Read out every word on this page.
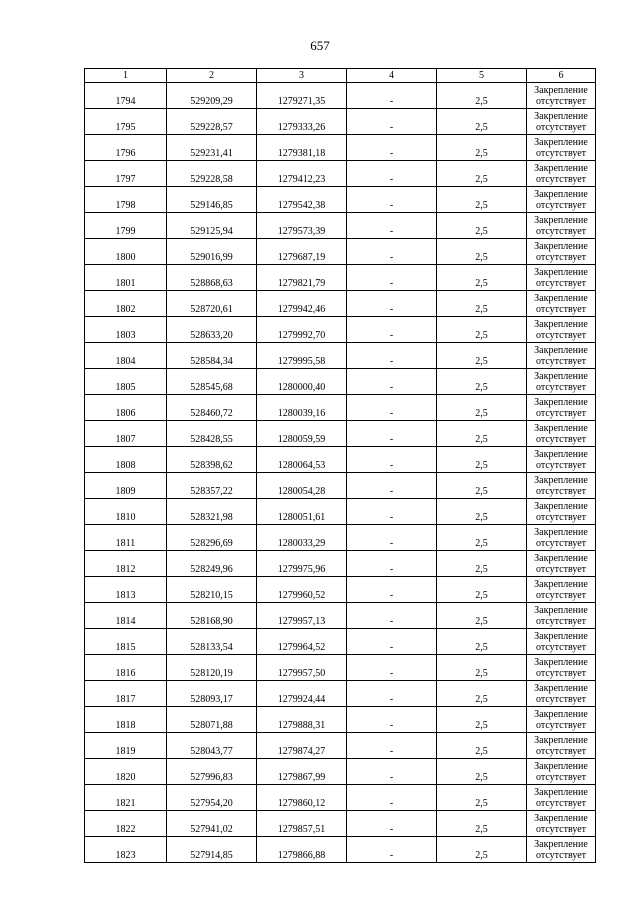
657
1	2	3	4	5	6
1794	529209,29	1279271,35	-	2,5	Закрепление отсутствует
1795	529228,57	1279333,26	-	2,5	Закрепление отсутствует
1796	529231,41	1279381,18	-	2,5	Закрепление отсутствует
1797	529228,58	1279412,23	-	2,5	Закрепление отсутствует
1798	529146,85	1279542,38	-	2,5	Закрепление отсутствует
1799	529125,94	1279573,39	-	2,5	Закрепление отсутствует
1800	529016,99	1279687,19	-	2,5	Закрепление отсутствует
1801	528868,63	1279821,79	-	2,5	Закрепление отсутствует
1802	528720,61	1279942,46	-	2,5	Закрепление отсутствует
1803	528633,20	1279992,70	-	2,5	Закрепление отсутствует
1804	528584,34	1279995,58	-	2,5	Закрепление отсутствует
1805	528545,68	1280000,40	-	2,5	Закрепление отсутствует
1806	528460,72	1280039,16	-	2,5	Закрепление отсутствует
1807	528428,55	1280059,59	-	2,5	Закрепление отсутствует
1808	528398,62	1280064,53	-	2,5	Закрепление отсутствует
1809	528357,22	1280054,28	-	2,5	Закрепление отсутствует
1810	528321,98	1280051,61	-	2,5	Закрепление отсутствует
1811	528296,69	1280033,29	-	2,5	Закрепление отсутствует
1812	528249,96	1279975,96	-	2,5	Закрепление отсутствует
1813	528210,15	1279960,52	-	2,5	Закрепление отсутствует
1814	528168,90	1279957,13	-	2,5	Закрепление отсутствует
1815	528133,54	1279964,52	-	2,5	Закрепление отсутствует
1816	528120,19	1279957,50	-	2,5	Закрепление отсутствует
1817	528093,17	1279924,44	-	2,5	Закрепление отсутствует
1818	528071,88	1279888,31	-	2,5	Закрепление отсутствует
1819	528043,77	1279874,27	-	2,5	Закрепление отсутствует
1820	527996,83	1279867,99	-	2,5	Закрепление отсутствует
1821	527954,20	1279860,12	-	2,5	Закрепление отсутствует
1822	527941,02	1279857,51	-	2,5	Закрепление отсутствует
1823	527914,85	1279866,88	-	2,5	Закрепление отсутствует
